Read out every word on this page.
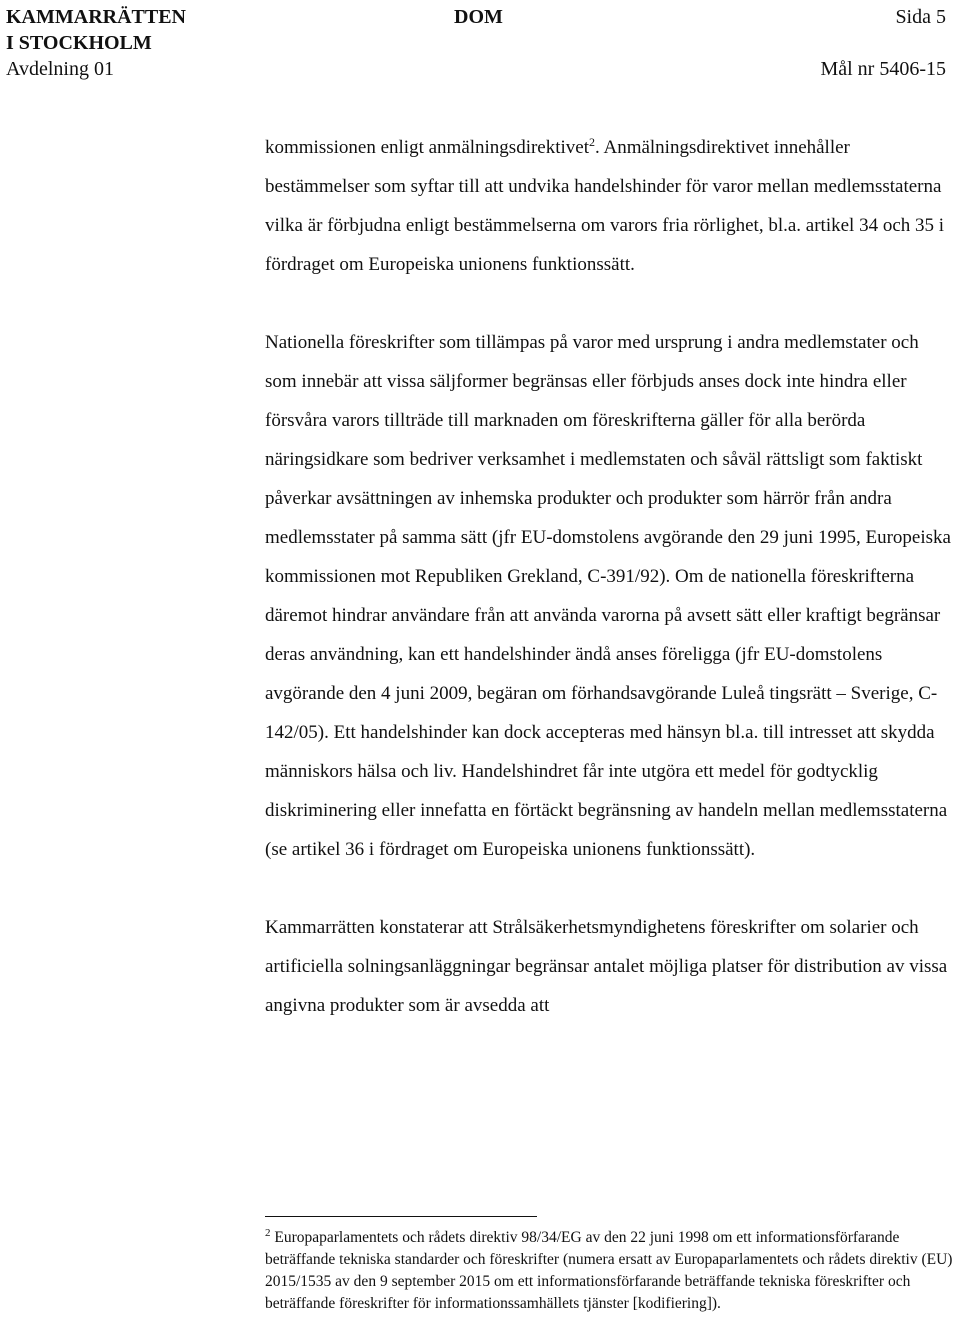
KAMMARRÄTTEN	DOM	Sida 5
I STOCKHOLM
Avdelning 01	Mål nr 5406-15

kommissionen enligt anmälningsdirektivet$^2$. Anmälningsdirektivet innehåller bestämmelser som syftar till att undvika handelshinder för varor mellan medlemsstaterna vilka är förbjudna enligt bestämmelserna om varors fria rörlighet, bl.a. artikel 34 och 35 i fördraget om Europeiska unionens funktionssätt.

Nationella föreskrifter som tillämpas på varor med ursprung i andra medlemstater och som innebär att vissa säljformer begränsas eller förbjuds anses dock inte hindra eller försvåra varors tillträde till marknaden om föreskrifterna gäller för alla berörda näringsidkare som bedriver verksamhet i medlemstaten och såväl rättsligt som faktiskt påverkar avsättningen av inhemska produkter och produkter som härrör från andra medlemsstater på samma sätt (jfr EU-domstolens avgörande den 29 juni 1995, Europeiska kommissionen mot Republiken Grekland, C-391/92). Om de nationella föreskrifterna däremot hindrar användare från att använda varorna på avsett sätt eller kraftigt begränsar deras användning, kan ett handelshinder ändå anses föreligga (jfr EU-domstolens avgörande den 4 juni 2009, begäran om förhandsavgörande Luleå tingsrätt – Sverige, C-142/05). Ett handelshinder kan dock accepteras med hänsyn bl.a. till intresset att skydda människors hälsa och liv. Handelshindret får inte utgöra ett medel för godtycklig diskriminering eller innefatta en förtäckt begränsning av handeln mellan medlemsstaterna (se artikel 36 i fördraget om Europeiska unionens funktionssätt).

Kammarrätten konstaterar att Strålsäkerhetsmyndighetens föreskrifter om solarier och artificiella solningsanläggningar begränsar antalet möjliga platser för distribution av vissa angivna produkter som är avsedda att

$^2$ Europaparlamentets och rådets direktiv 98/34/EG av den 22 juni 1998 om ett informationsförfarande beträffande tekniska standarder och föreskrifter (numera ersatt av Europaparlamentets och rådets direktiv (EU) 2015/1535 av den 9 september 2015 om ett informationsförfarande beträffande tekniska föreskrifter och beträffande föreskrifter för informationssamhällets tjänster [kodifiering]).
